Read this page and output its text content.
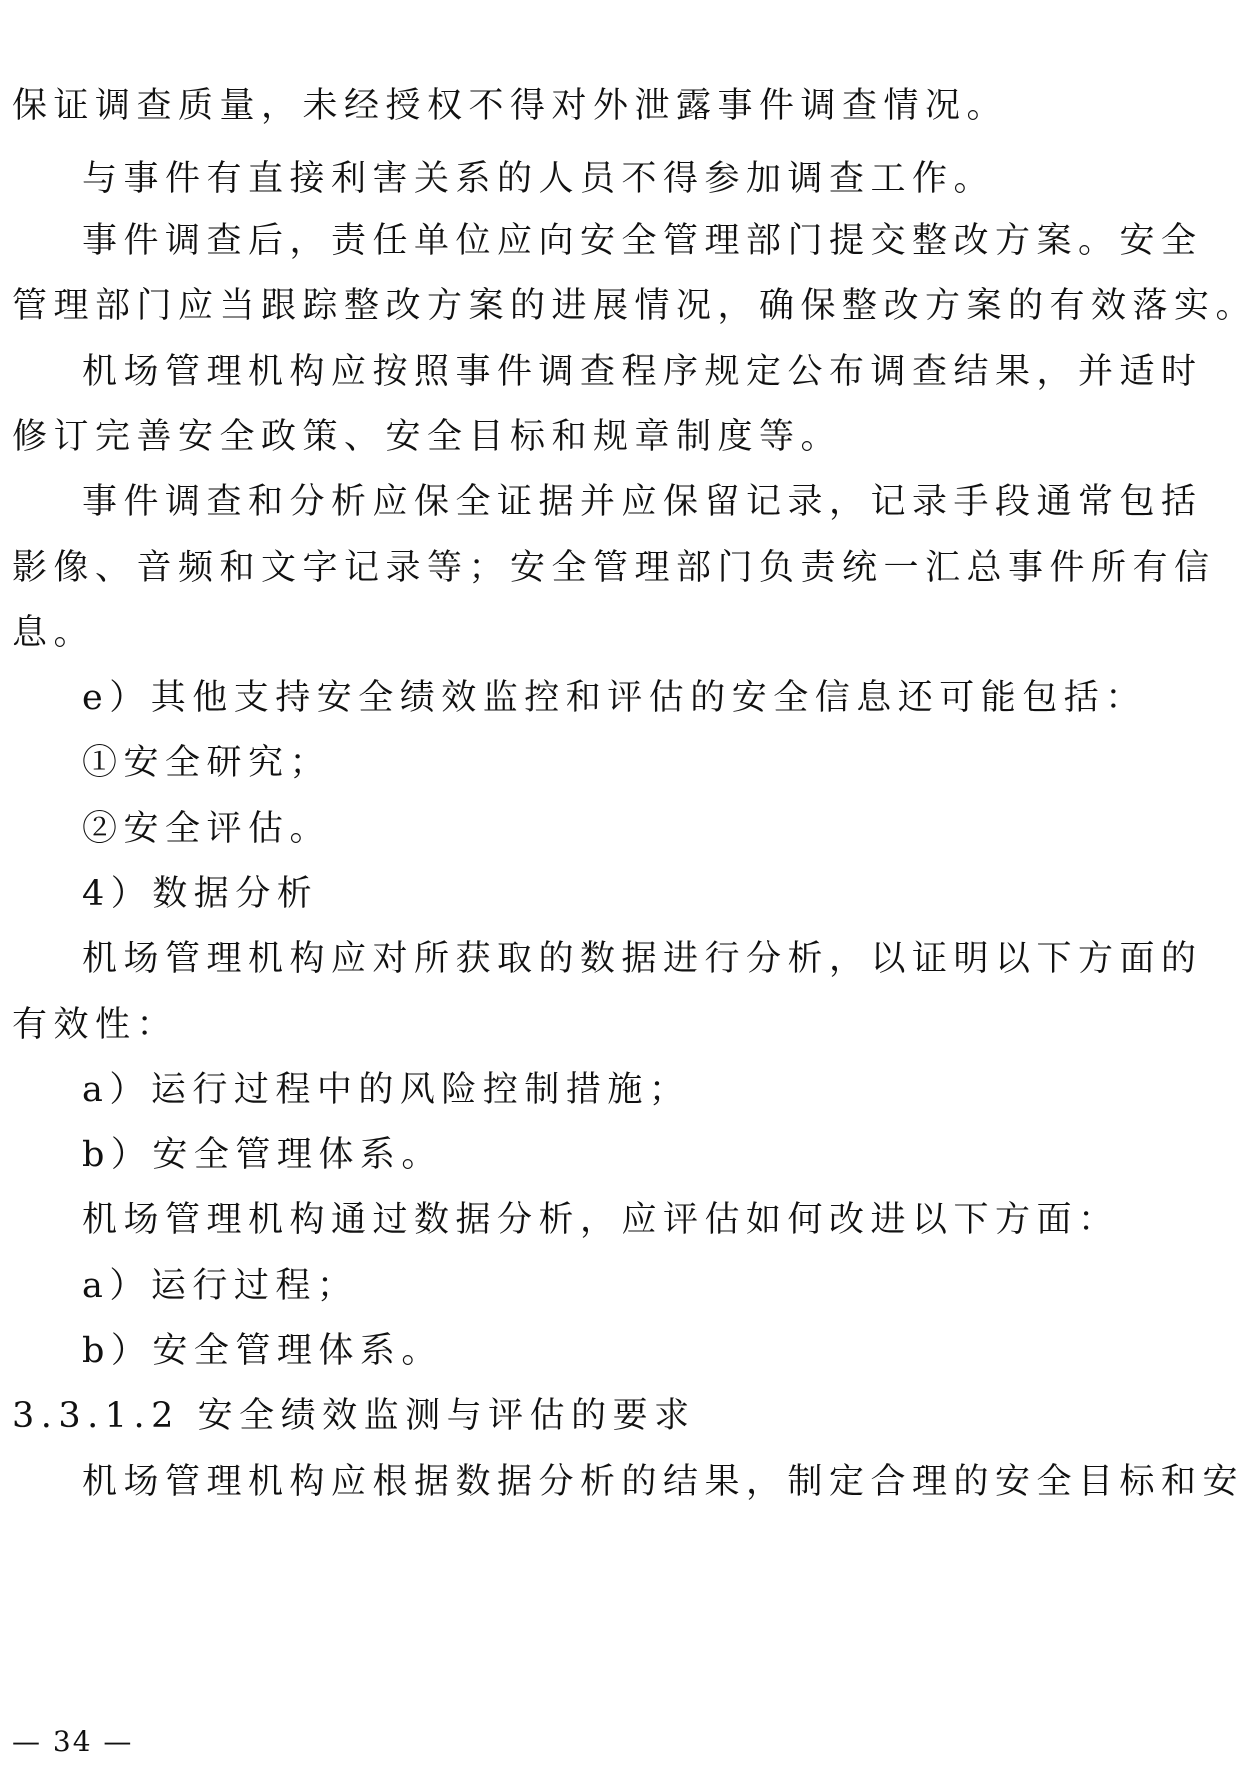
保证调查质量，未经授权不得对外泄露事件调查情况。
与事件有直接利害关系的人员不得参加调查工作。
事件调查后，责任单位应向安全管理部门提交整改方案。安全
管理部门应当跟踪整改方案的进展情况，确保整改方案的有效落实。
机场管理机构应按照事件调查程序规定公布调查结果，并适时
修订完善安全政策、安全目标和规章制度等。
事件调查和分析应保全证据并应保留记录，记录手段通常包括
影像、音频和文字记录等；安全管理部门负责统一汇总事件所有信
息。
e）其他支持安全绩效监控和评估的安全信息还可能包括：
①安全研究；
②安全评估。
4）数据分析
机场管理机构应对所获取的数据进行分析，以证明以下方面的
有效性：
a）运行过程中的风险控制措施；
b）安全管理体系。
机场管理机构通过数据分析，应评估如何改进以下方面：
a）运行过程；
b）安全管理体系。
3.3.1.2 安全绩效监测与评估的要求
机场管理机构应根据数据分析的结果，制定合理的安全目标和安
— 34 —
